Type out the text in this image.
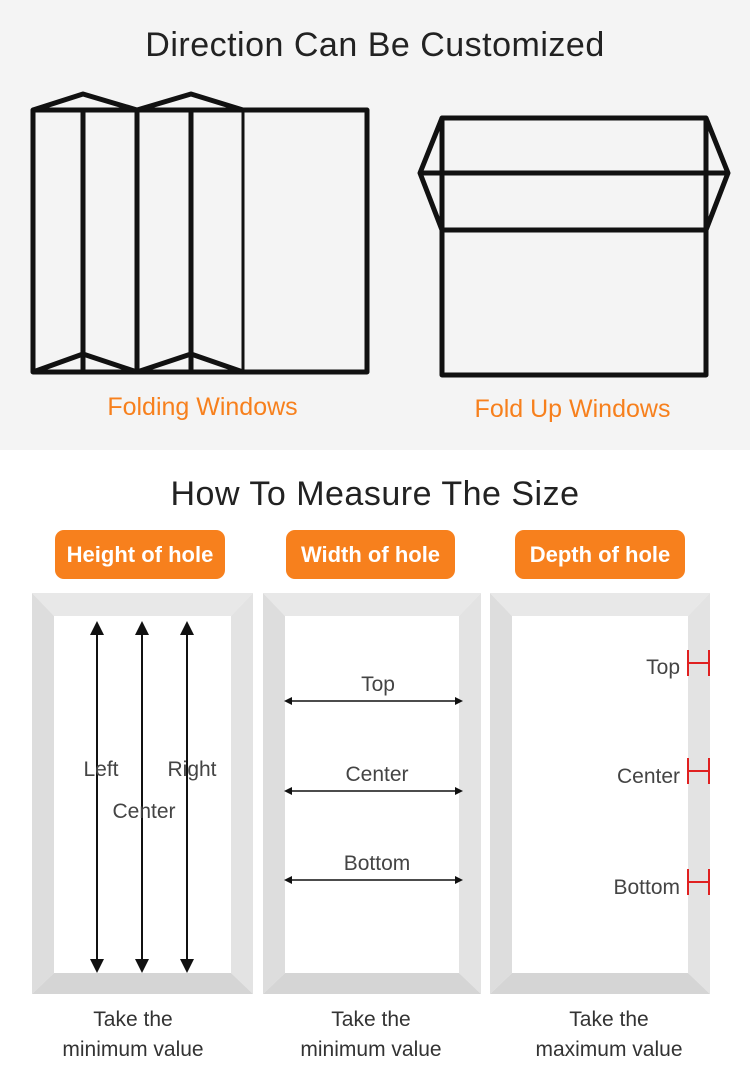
Direction Can Be Customized
Folding Windows	Fold Up Windows
How To Measure The Size
Height of hole	Width of hole	Depth of hole
Left Right
Center
Top
Center
Bottom
Top
Center
Bottom
Take the
minimum value
Take the
minimum value
Take the
maximum value
